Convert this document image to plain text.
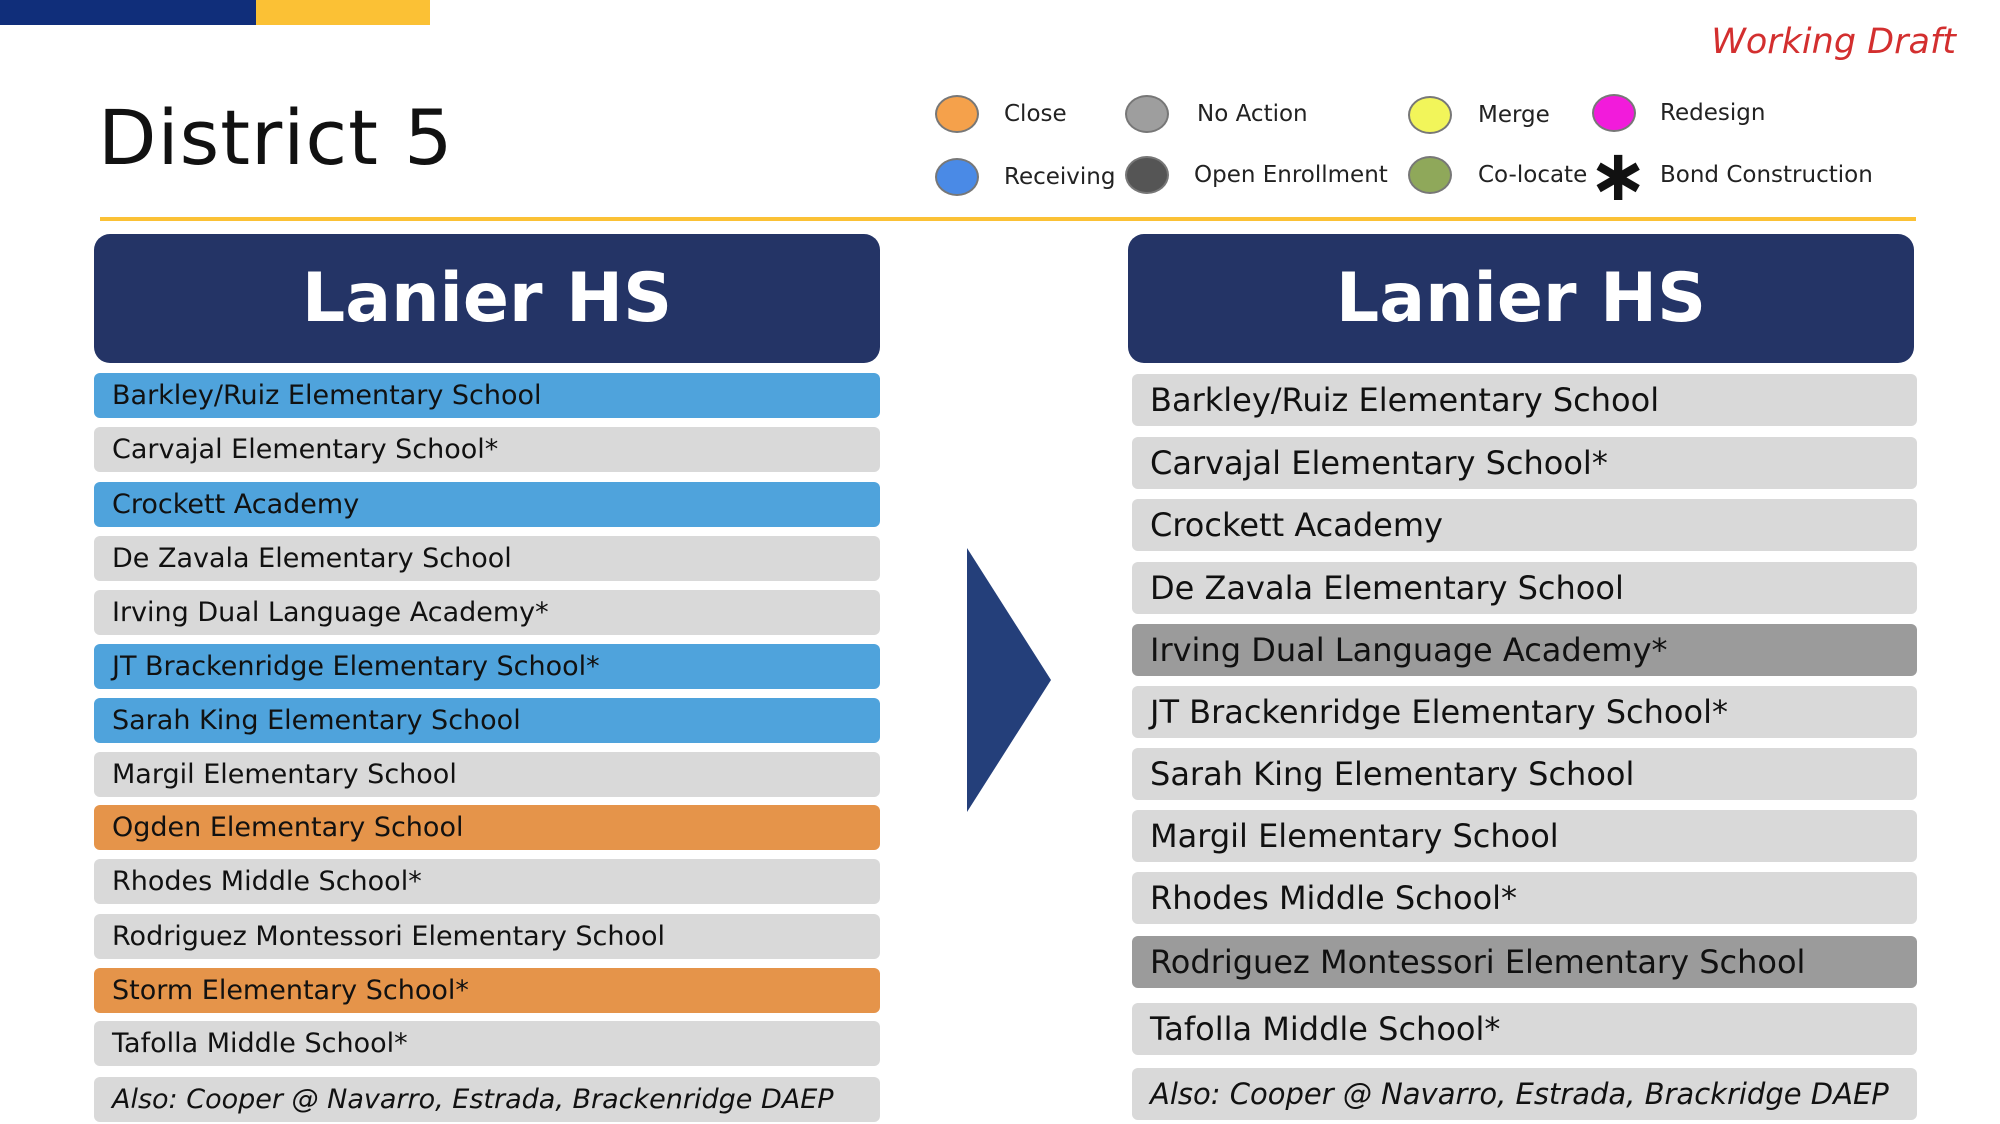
Working Draft
District 5	Close	No Action	Merge	Redesign
Receiving	Open Enrollment	Co-locate ∗ Bond Construction
Lanier HS
Barkley/Ruiz Elementary School
Carvajal Elementary School*
Crockett Academy
De Zavala Elementary School
Irving Dual Language Academy*
JT Brackenridge Elementary School*
Sarah King Elementary School
Margil Elementary School
Ogden Elementary School
Rhodes Middle School*
Rodriguez Montessori Elementary School
Storm Elementary School*
Tafolla Middle School*
Also: Cooper @ Navarro, Estrada, Brackenridge DAEP
Lanier HS
Barkley/Ruiz Elementary School
Carvajal Elementary School*
Crockett Academy
De Zavala Elementary School
Irving Dual Language Academy*
JT Brackenridge Elementary School*
Sarah King Elementary School
Margil Elementary School
Rhodes Middle School*
Rodriguez Montessori Elementary School
Tafolla Middle School*
Also: Cooper @ Navarro, Estrada, Brackridge DAEP
